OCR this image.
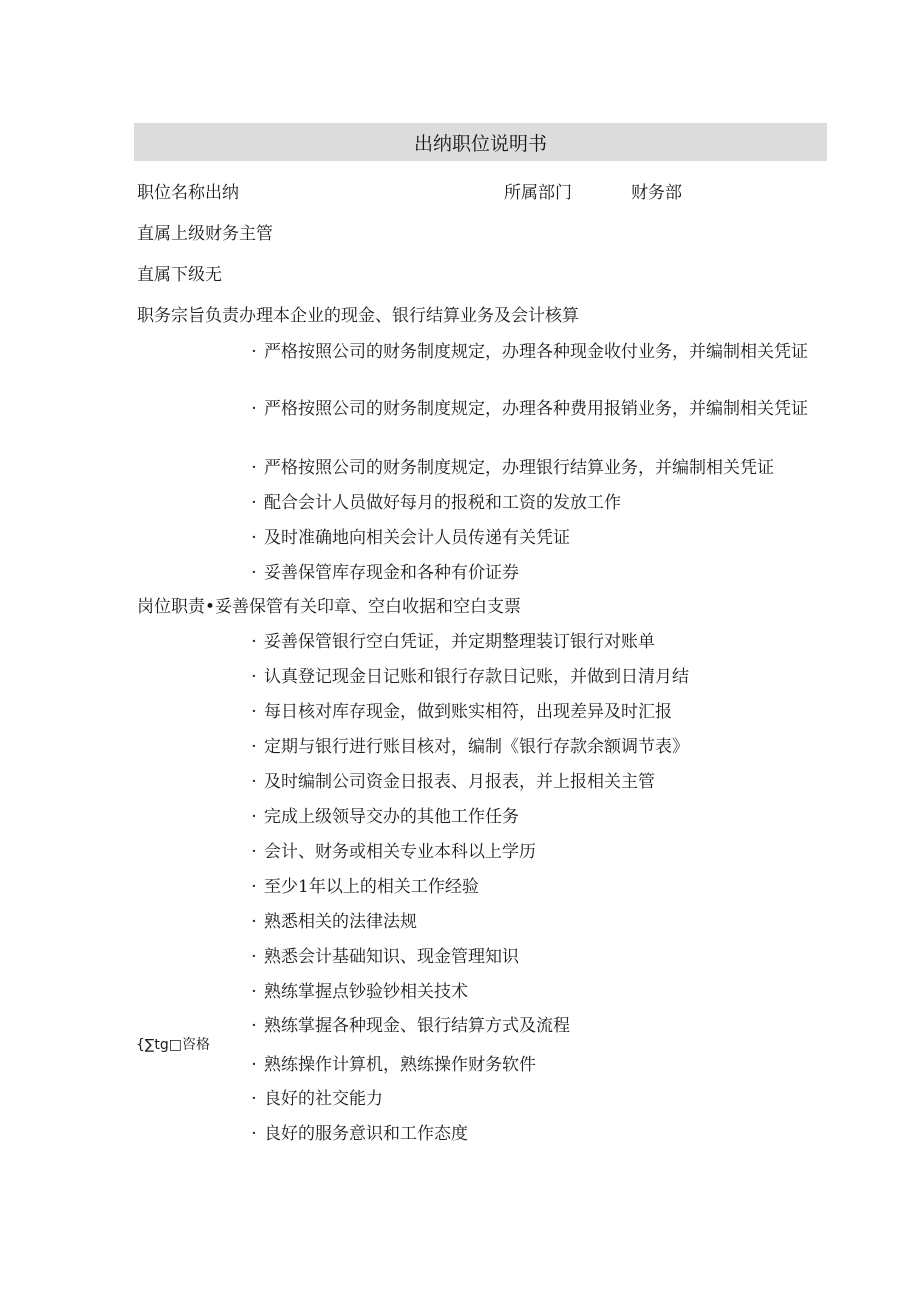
出纳职位说明书
职位名称出纳	所属部门	财务部
直属上级财务主管
直属下级无
职务宗旨负责办理本企业的现金、银行结算业务及会计核算
· 严格按照公司的财务制度规定，办理各种现金收付业务，并编制相关凭证
· 严格按照公司的财务制度规定，办理各种费用报销业务，并编制相关凭证
· 严格按照公司的财务制度规定，办理银行结算业务，并编制相关凭证
· 配合会计人员做好每月的报税和工资的发放工作
· 及时准确地向相关会计人员传递有关凭证
· 妥善保管库存现金和各种有价证券
岗位职责•妥善保管有关印章、空白收据和空白支票
· 妥善保管银行空白凭证，并定期整理装订银行对账单
· 认真登记现金日记账和银行存款日记账，并做到日清月结
· 每日核对库存现金，做到账实相符，出现差异及时汇报
· 定期与银行进行账目核对，编制《银行存款余额调节表》
· 及时编制公司资金日报表、月报表，并上报相关主管
· 完成上级领导交办的其他工作任务
· 会计、财务或相关专业本科以上学历
· 至少1年以上的相关工作经验
· 熟悉相关的法律法规
· 熟悉会计基础知识、现金管理知识
· 熟练掌握点钞验钞相关技术
· 熟练掌握各种现金、银行结算方式及流程
· 熟练操作计算机，熟练操作财务软件
· 良好的社交能力
· 良好的服务意识和工作态度
{∑tg□咨格
